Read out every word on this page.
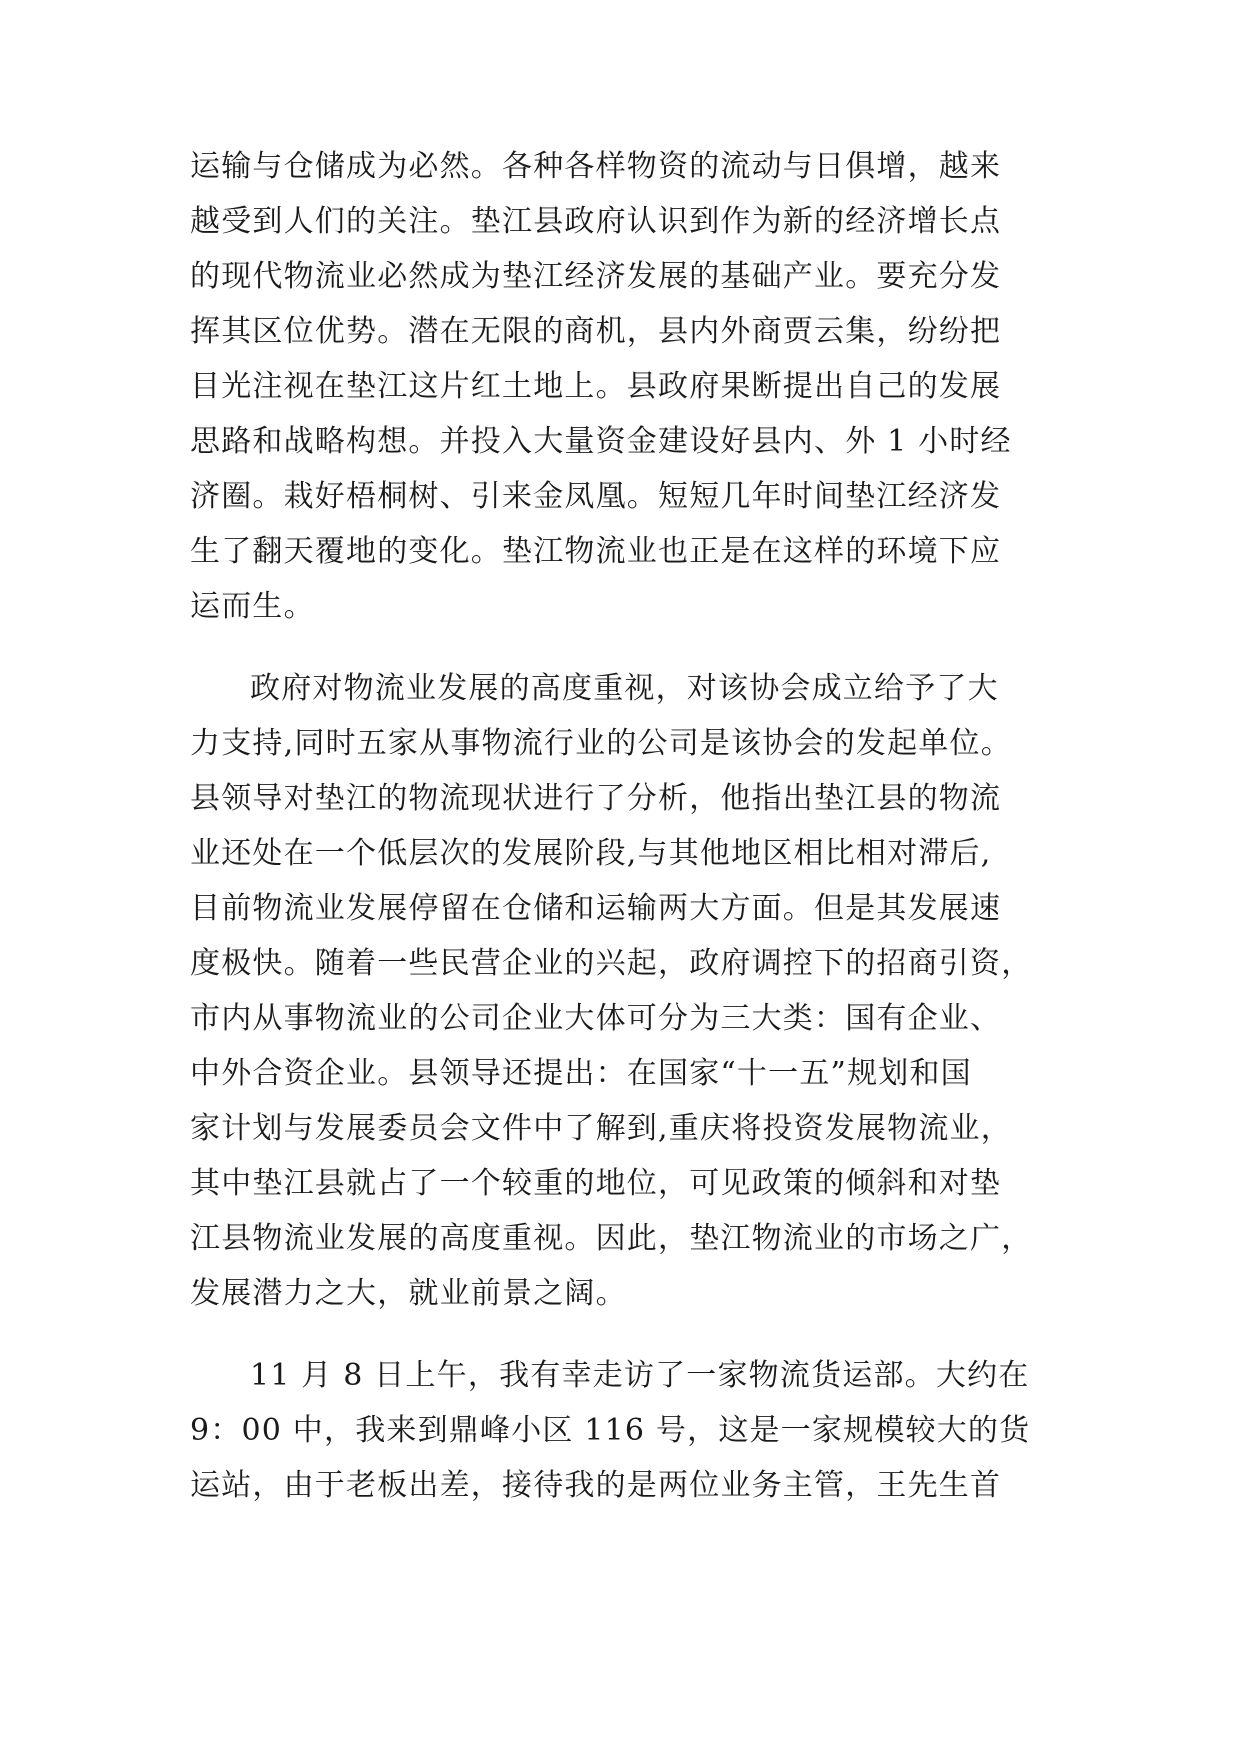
运输与仓储成为必然。各种各样物资的流动与日俱增，越来
越受到人们的关注。垫江县政府认识到作为新的经济增长点
的现代物流业必然成为垫江经济发展的基础产业。要充分发
挥其区位优势。潜在无限的商机，县内外商贾云集，纷纷把
目光注视在垫江这片红土地上。县政府果断提出自己的发展
思路和战略构想。并投入大量资金建设好县内、外 1 小时经
济圈。栽好梧桐树、引来金凤凰。短短几年时间垫江经济发
生了翻天覆地的变化。垫江物流业也正是在这样的环境下应
运而生。
政府对物流业发展的高度重视，对该协会成立给予了大
力支持,同时五家从事物流行业的公司是该协会的发起单位。
县领导对垫江的物流现状进行了分析，他指出垫江县的物流
业还处在一个低层次的发展阶段,与其他地区相比相对滞后,
目前物流业发展停留在仓储和运输两大方面。但是其发展速
度极快。随着一些民营企业的兴起，政府调控下的招商引资，
市内从事物流业的公司企业大体可分为三大类：国有企业、
中外合资企业。县领导还提出：在国家“十一五”规划和国
家计划与发展委员会文件中了解到,重庆将投资发展物流业，
其中垫江县就占了一个较重的地位，可见政策的倾斜和对垫
江县物流业发展的高度重视。因此，垫江物流业的市场之广，
发展潜力之大，就业前景之阔。
11 月 8 日上午，我有幸走访了一家物流货运部。大约在
9：00 中，我来到鼎峰小区 116 号，这是一家规模较大的货
运站，由于老板出差，接待我的是两位业务主管，王先生首
